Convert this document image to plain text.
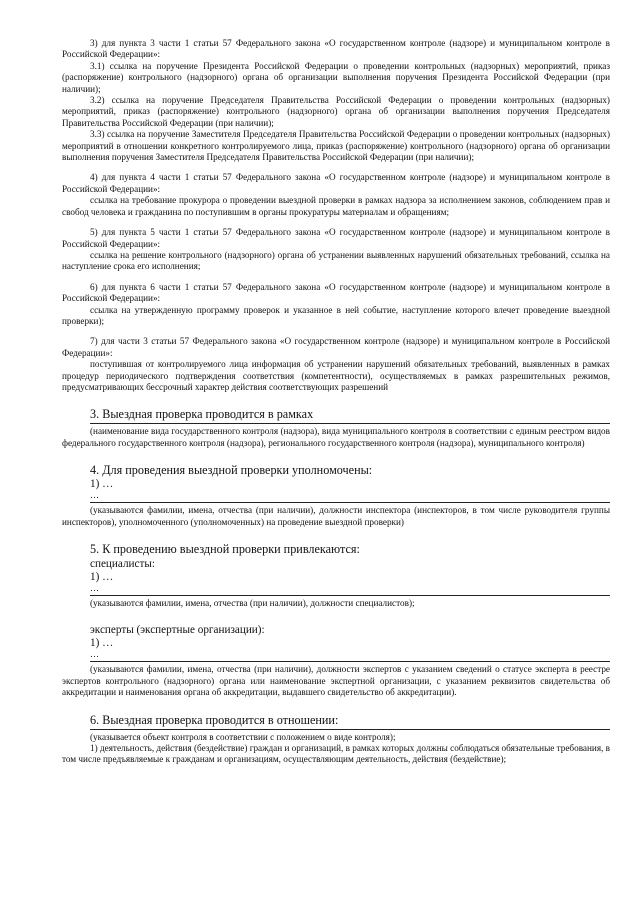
3) для пункта 3 части 1 статьи 57 Федерального закона «О государственном контроле (надзоре) и муниципальном контроле в Российской Федерации»:

3.1) ссылка на поручение Президента Российской Федерации о проведении контрольных (надзорных) мероприятий, приказ (распоряжение) контрольного (надзорного) органа об организации выполнения поручения Президента Российской Федерации (при наличии);

3.2) ссылка на поручение Председателя Правительства Российской Федерации о проведении контрольных (надзорных) мероприятий, приказ (распоряжение) контрольного (надзорного) органа об организации выполнения поручения Председателя Правительства Российской Федерации (при наличии);

3.3) ссылка на поручение Заместителя Председателя Правительства Российской Федерации о проведении контрольных (надзорных) мероприятий в отношении конкретного контролируемого лица, приказ (распоряжение) контрольного (надзорного) органа об организации выполнения поручения Заместителя Председателя Правительства Российской Федерации (при наличии);

4) для пункта 4 части 1 статьи 57 Федерального закона «О государственном контроле (надзоре) и муниципальном контроле в Российской Федерации»:

ссылка на требование прокурора о проведении выездной проверки в рамках надзора за исполнением законов, соблюдением прав и свобод человека и гражданина по поступившим в органы прокуратуры материалам и обращениям;

5) для пункта 5 части 1 статьи 57 Федерального закона «О государственном контроле (надзоре) и муниципальном контроле в Российской Федерации»:

ссылка на решение контрольного (надзорного) органа об устранении выявленных нарушений обязательных требований, ссылка на наступление срока его исполнения;

6) для пункта 6 части 1 статьи 57 Федерального закона «О государственном контроле (надзоре) и муниципальном контроле в Российской Федерации»:

ссылка на утвержденную программу проверок и указанное в ней событие, наступление которого влечет проведение выездной проверки);

7) для части 3 статьи 57 Федерального закона «О государственном контроле (надзоре) и муниципальном контроле в Российской Федерации»:

поступившая от контролируемого лица информация об устранении нарушений обязательных требований, выявленных в рамках процедур периодического подтверждения соответствия (компетентности), осуществляемых в рамках разрешительных режимов, предусматривающих бессрочный характер действия соответствующих разрешений

3. Выездная проверка проводится в рамках

(наименование вида государственного контроля (надзора), вида муниципального контроля в соответствии с единым реестром видов федерального государственного контроля (надзора), регионального государственного контроля (надзора), муниципального контроля)

4. Для проведения выездной проверки уполномочены:

1) …

…

(указываются фамилии, имена, отчества (при наличии), должности инспектора (инспекторов, в том числе руководителя группы инспекторов), уполномоченного (уполномоченных) на проведение выездной проверки)

5. К проведению выездной проверки привлекаются:

специалисты:

1) …

…

(указываются фамилии, имена, отчества (при наличии), должности специалистов);

эксперты (экспертные организации):

1) …

…

(указываются фамилии, имена, отчества (при наличии), должности экспертов с указанием сведений о статусе эксперта в реестре экспертов контрольного (надзорного) органа или наименование экспертной организации, с указанием реквизитов свидетельства об аккредитации и наименования органа об аккредитации, выдавшего свидетельство об аккредитации).

6. Выездная проверка проводится в отношении:

(указывается объект контроля в соответствии с положением о виде контроля);

1) деятельность, действия (бездействие) граждан и организаций, в рамках которых должны соблюдаться обязательные требования, в том числе предъявляемые к гражданам и организациям, осуществляющим деятельность, действия (бездействие);
